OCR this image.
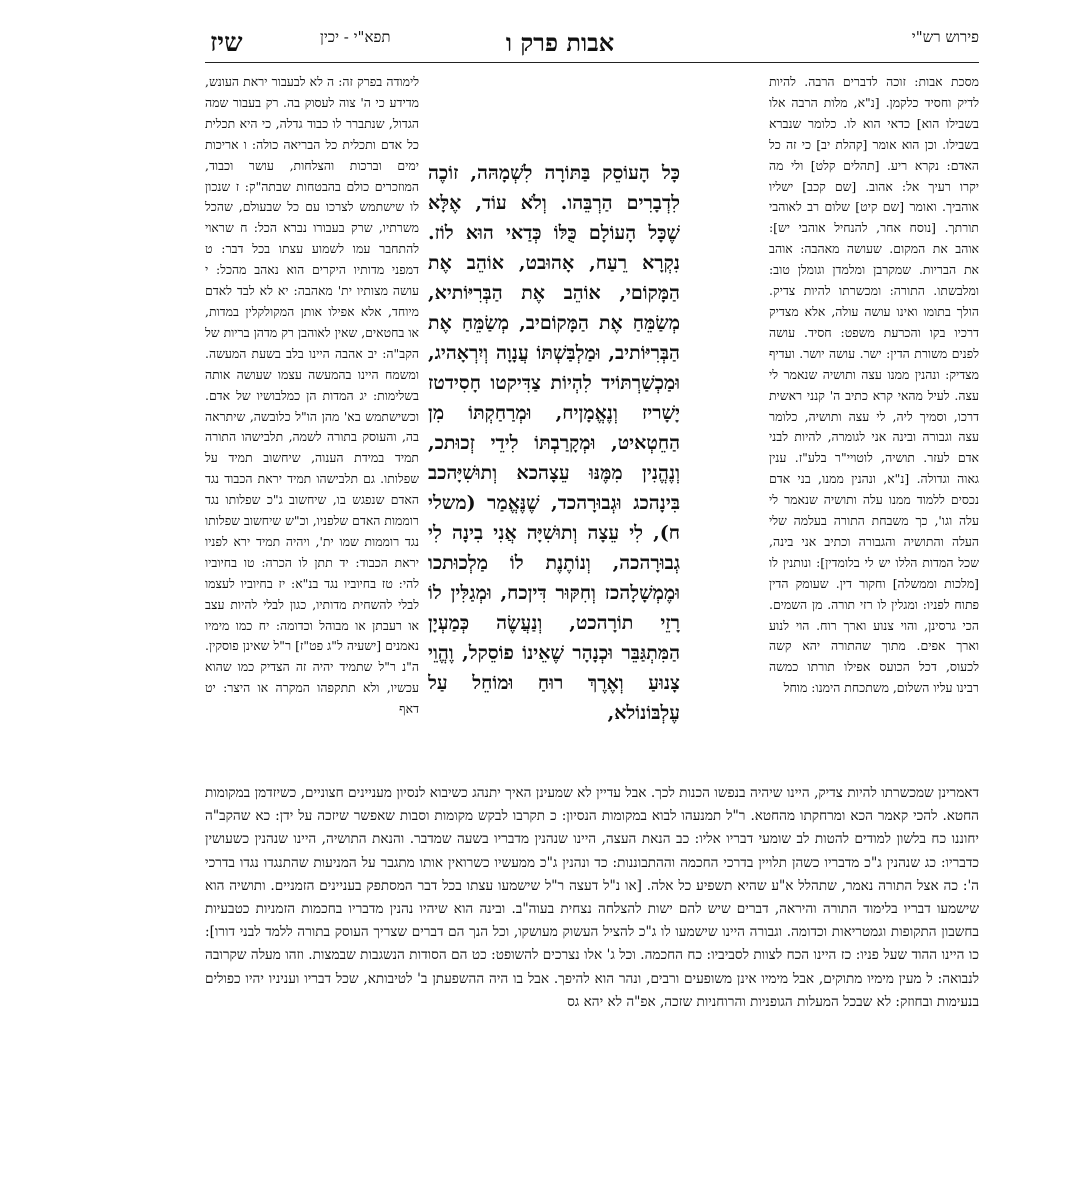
פירוש רש"י
אבות פרק ו
תפא"י - יכין
שיז
מסכת אבות: זוכה לדברים הרבה. להיות לדיק וחסיד כלקמן. [נ"א, מלות הרבה אלו בשבילו הוא] כדאי הוא לו. כלומר שנברא בשבילו. וכן הוא אומר [קהלת יב] כי זה כל האדם: נקרא ריע. [תהלים קלט] ולי מה יקרו רעיך אל: אהוב. [שם קכב] ישליו אוהביך. ואומר [שם קיט] שלום רב לאוהבי תורתך. [נוסח אחר, להנחיל אוהבי יש]: אוהב את המקום. שעושה מאהבה: אוהב את הבריות. שמקרבן ומלמדן וגומלן טוב: ומלבשתו. התורה: ומכשרתו להיות צדיק. הולך בתומו ואינו עושה עולה, אלא מצדיק דרכיו בקו והכרעת משפט: חסיד. עושה לפנים משורת הדין: ישר. עושה יושר. ועדיף מצדיק: ונהנין ממנו עצה ותושיה שנאמר לי עצה. לעיל מהאי קרא כתיב ה' קנני ראשית דרכו, וסמיך ליה, לי עצה ותושיה, כלומר עצה וגבורה ובינה אני לגומרה, להיות לבני אדם לעזר. תושיה, לוטויי"ר בלע"ז. ענין גאוה וגדולה. [נ"א, ונהנין ממנו, בני אדם נכסים ללמוד ממנו עלה ותושיה שנאמר לי עלה וגו', כך משבחת התורה בעלמה שלי העלה והתושיה והגבורה וכתיב אני בינה, שכל המדות הללו יש לי בלומדין]: ונותנין לו [מלכות וממשלה] וחקור דין. שעומק הדין פתוח לפניו: ומגלין לו רזי תורה. מן השמים. הכי גרסינן, והוי צנוע וארך רוח. הוי לנוע וארך אפים. מתוך שהתורה יהא קשה לכעוס, דכל הכועס אפילו תורתו כמשה רבינו עליו השלום, משתכחת הימנו: מוחל
לימודה בפרק זה: ה לא לבעבור יראת העונש, מדידע כי ה' צוה לעסוק בה. רק בעבור שמה הגדול, שנתברר לו כבוד גדלה, כי היא תכלית כל אדם ותכלית כל הבריאה כולה: ו אריכות ימים וברכות והצלחות, עושר וכבוד, המוזכרים כולם בהבטחות שבתה"ק: ז שנכון לו שישתמש לצרכו עם כל שבעולם, שהכל משרתיו, שרק בעבורו נברא הכל: ח שראוי להתחבר עמו לשמוע עצתו בכל דבר: ט דמפני מדותיו היקרים הוא נאהב מהכל: י עושה מצותיו ית' מאהבה: יא לא לבד לאדם מיוחד, אלא אפילו אותן המקולקלין במדות, או בחטאים, שאין לאוהבן רק מדהן בריות של הקב"ה: יב אהבה היינו בלב בשעת המעשה. ומשמח היינו בהמעשה עצמו שעושה אותה בשלימות: יג המדות הן כמלבושיו של אדם. וכשישתמש בא' מהן הו"ל כלובשה, שיתראה בה, והעוסק בתורה לשמה, תלבישהו התורה תמיד במידת הענוה, שיחשוב תמיד על שפלותו. גם תלבישהו תמיד יראת הכבוד נגד האדם שנפגש בו, שיחשוב ג"כ שפלותו נגד רוממות האדם שלפניו, וכ"ש שיחשוב שפלותו נגד רוממות שמו ית', ויהיה תמיד ירא לפניו יראת הכבוד: יד תתן לו הכרה: טו בחיוביו להי: טז בחיוביו נגד בנ"א: יז בחיוביו לעצמו לבלי להשחית מדותיו, כגון לבלי להיות עצב או רעבתן או מבוהל וכדומה: יח כמו מימיו נאמנים [ישעיה ל"ג פט"ז] ר"ל שאינן פוסקין. ה"נ ר"ל שתמיד יהיה זה הצדיק כמו שהוא עכשיו, ולא תתקפהו המקרה או היצר: יט דאף
כָּל הָעוֹסֵק בַּתּוֹרָה לִשְׁמָהּה, זוֹכֶה לִדְבָרִים הַרְבֵּהו. וְלֹא עוֹד, אֶלָּא שֶׁכָּל הָעוֹלָם כֻּלּוֹ כְּדַאי הוּא לוֹז. נִקְרָא רֵעַח, אָהוּבט, אוֹהֵב אֶת הַמָּקוֹםי, אוֹהֵב אֶת הַבְּרִיּוֹתיא, מְשַׂמֵּחַ אֶת הַמָּקוֹםיב, מְשַׂמֵּחַ אֶת הַבְּרִיּוֹתיב, וּמַלְבַּשְׁתּוֹ עֲנָוָה וְיִרְאָהיג, וּמַכְשַׁרְתּוֹיד לִהְיוֹת צַדִּיקטו חָסִידטז יָשָׁריז וְנֶאֱמָןיח, וּמְרַחַקְתּוֹ מִן הַחֵטְאיט, וּמְקָרַבְתּוֹ לִידֵי זְכוּתכ, וְנֶהֱנִין מִמֶּנּוּ עֵצָהכא וְתוּשִׁיָּהכב בִּינָהכג וּגְבוּרָהכד, שֶׁנֶּאֱמַר (משלי ח), לִי עֵצָה וְתוּשִׁיָּה אֲנִי בִינָה לִי גְבוּרָהכה, וְנוֹתֶנֶת לוֹ מַלְכוּתכו וּמֶמְשָׁלָהכז וְחִקּוּר דִּיןכח, וּמְגַלִּין לוֹ רָזֵי תוֹרָהכט, וְנַעֲשֶׂה כְּמַעְיָן הַמִּתְגַּבֵּר וּכְנָהָר שֶׁאֵינוֹ פוֹסֵקל, וֶהֱוֵי צָנוּעַ וְאֶרֶךְ רוּחַ וּמוֹחֵל עַל עֶלְבּוֹנוֹלא,

דאמרינן שמכשרתו להיות צדיק, היינו שיהיה בנפשו הכנות לכך. אבל עדיין לא שמעינן האיך יתנהג כשיבוא לנסיון מעניינים חצוניים, כשיזדמן במקומות החטא. להכי קאמר הכא ומרחקתו מהחטא. ר"ל תמנעהו לבוא במקומות הנסיון: כ תקרבו לבקש מקומות וסבות שאפשר שיזכה על ידן: כא שהקב"ה יחוננו כח בלשון למודים להטות לב שומעי דבריו אליו: כב הנאת העצה, היינו שנהנין מדבריו בשעה שמדבר. והנאת התושיה, היינו שנהנין כשעושין כדבריו: כג שנהנין ג"כ מדבריו כשהן תלויין בדרכי החכמה וההתבוננות: כד ונהנין ג"כ ממעשיו כשרואין אותו מתגבר על המניעות שהתנגדו נגדו בדרכי ה': כה אצל התורה נאמר, שתהלל א"ע שהיא תשפיע כל אלה. [או נ"ל דעצה ר"ל שישמעו עצתו בכל דבר המסתפק בעניינים הזמניים. ותושיה הוא שישמעו דבריו בלימוד התורה והיראה, דברים שיש להם ישות להצלחה נצחית בעוה"ב. ובינה הוא שיהיו נהנין מדבריו בחכמות הזמניות כטבעיות בחשבון התקופות וגמטריאות וכדומה. וגבורה היינו שישמעו לו ג"כ להציל העשוק מעושקו, וכל הנך הם דברים שצריך העוסק בתורה ללמד לבני דורו]: כו היינו ההוד שעל פניו: כז היינו הכח לצוות לסביביו: כח החכמה. וכל ג' אלו נצרכים להשופט: כט הם הסודות הנשגבות שבמצות. וזהו מעלה שקרובה לנבואה: ל מעין מימיו מתוקים, אבל מימיו אינן משופעים ורבים, ונהר הוא להיפך. אבל בו היה ההשפעתן ב' לטיבותא, שכל דבריו ועניניו יהיו כפולים בנעימות ובחוזק: לא שבכל המעלות הגופניות והרוחניות שזכה, אפ"ה לא יהא גס
